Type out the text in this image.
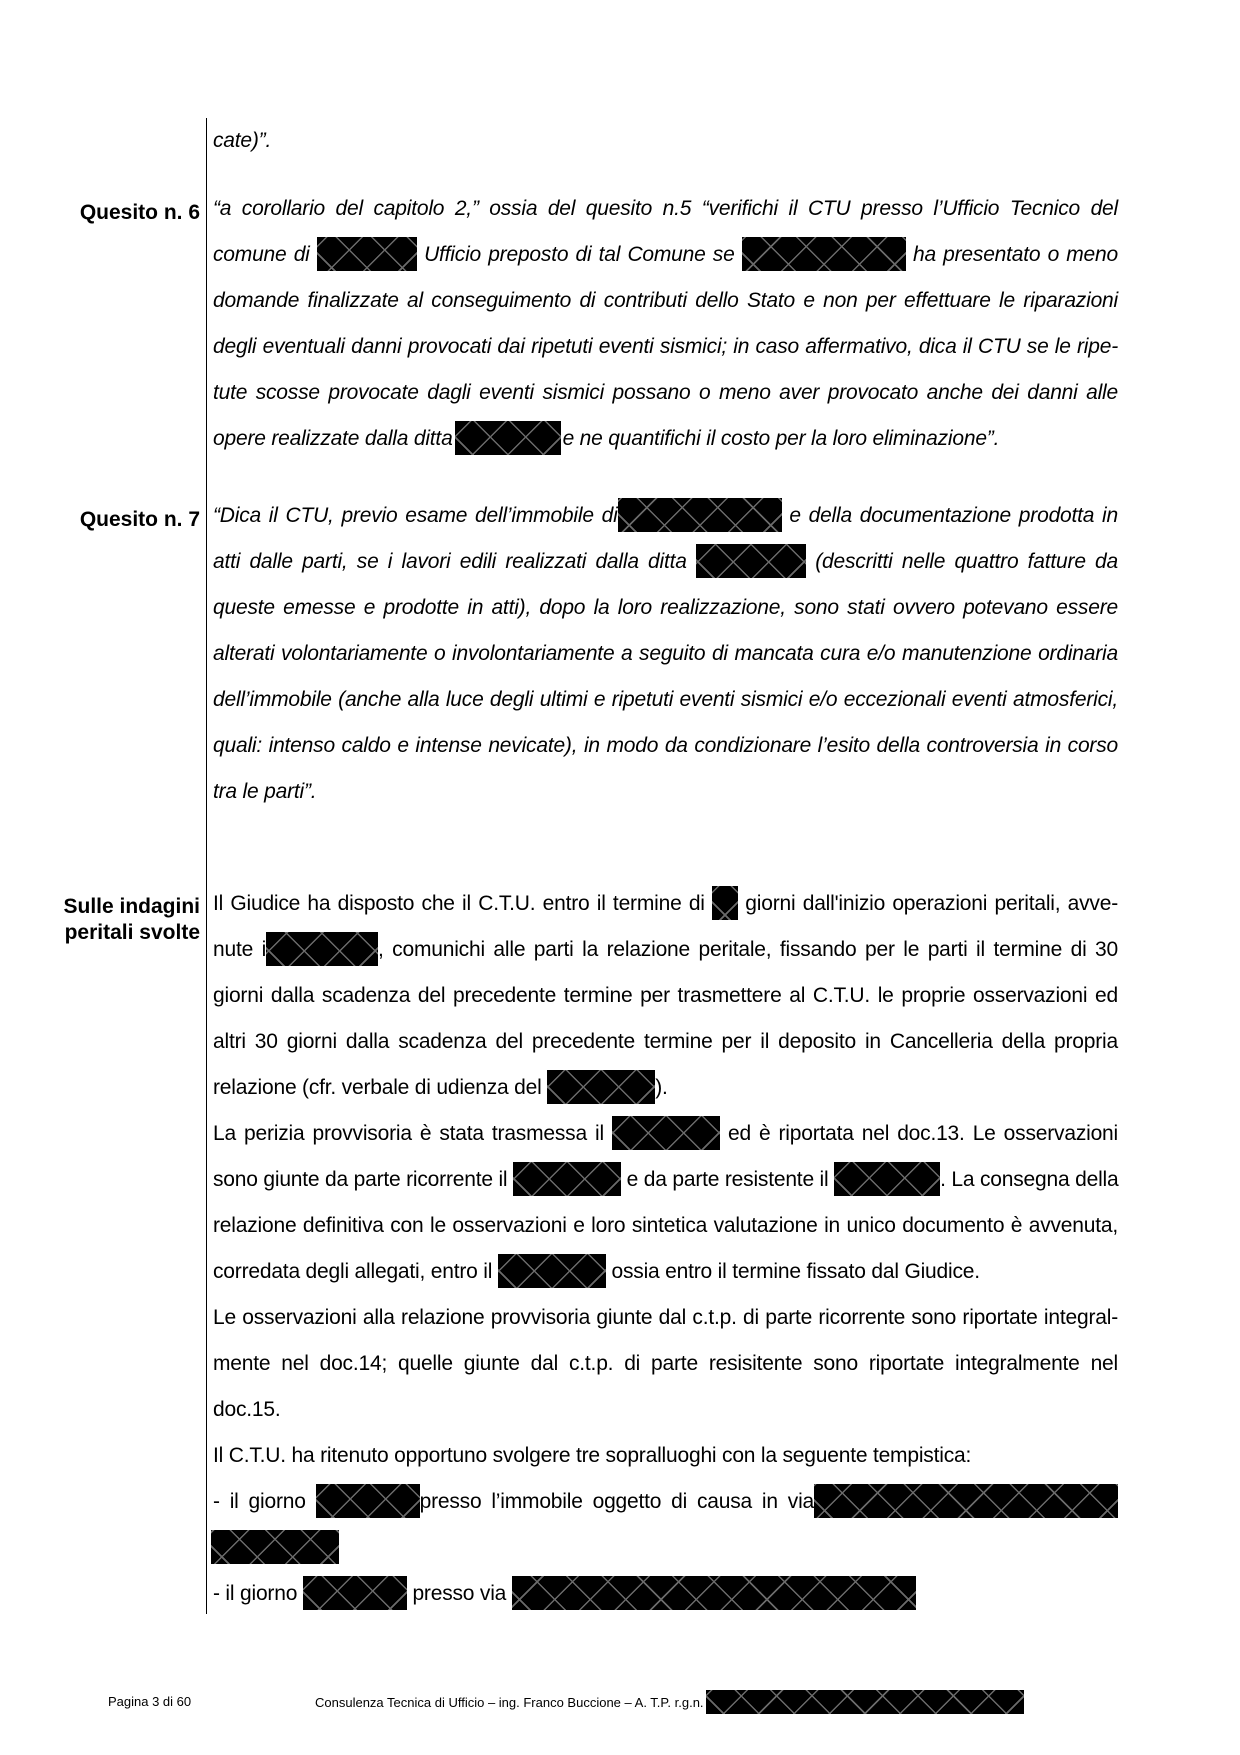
cate)”.
Quesito n. 6 “a corollario del capitolo 2,” ossia del quesito n.5 “verifichi il CTU presso l’Ufficio Tecnico del
comune di	Ufficio preposto di tal Comune se	ha presentato o meno
domande finalizzate al conseguimento di contributi dello Stato e non per effettuare le riparazioni
degli eventuali danni provocati dai ripetuti eventi sismici; in caso affermativo, dica il CTU se le ripe-
tute scosse provocate dagli eventi sismici possano o meno aver provocato anche dei danni alle
opere realizzate dalla ditta	e ne quantifichi il costo per la loro eliminazione”.
Quesito n. 7 “Dica il CTU, previo esame dell’immobile di	e della documentazione prodotta in
atti dalle parti, se i lavori edili realizzati dalla ditta	(descritti nelle quattro fatture da
queste emesse e prodotte in atti), dopo la loro realizzazione, sono stati ovvero potevano essere
alterati volontariamente o involontariamente a seguito di mancata cura e/o manutenzione ordinaria
dell’immobile (anche alla luce degli ultimi e ripetuti eventi sismici e/o eccezionali eventi atmosferici,
quali: intenso caldo e intense nevicate), in modo da condizionare l’esito della controversia in corso
tra le parti”.
Sulle indagini peritali svolte
Il Giudice ha disposto che il C.T.U. entro il termine di giorni dall'inizio operazioni peritali, avve-
nute i	, comunichi alle parti la relazione peritale, fissando per le parti il termine di 30
giorni dalla scadenza del precedente termine per trasmettere al C.T.U. le proprie osservazioni ed
altri 30 giorni dalla scadenza del precedente termine per il deposito in Cancelleria della propria
relazione (cfr. verbale di udienza del	).
La perizia provvisoria è stata trasmessa il	ed è riportata nel doc.13. Le osservazioni
sono giunte da parte ricorrente il	e da parte resistente il	. La consegna della
relazione definitiva con le osservazioni e loro sintetica valutazione in unico documento è avvenuta,
corredata degli allegati, entro il	ossia entro il termine fissato dal Giudice.
Le osservazioni alla relazione provvisoria giunte dal c.t.p. di parte ricorrente sono riportate integral-
mente nel doc.14; quelle giunte dal c.t.p. di parte resisitente sono riportate integralmente nel
doc.15.
Il C.T.U. ha ritenuto opportuno svolgere tre sopralluoghi con la seguente tempistica:
- il giorno	presso l’immobile oggetto di causa in via
- il giorno	presso via
Pagina 3 di 60	Consulenza Tecnica di Ufficio – ing. Franco Buccione – A. T.P. r.g.n.
